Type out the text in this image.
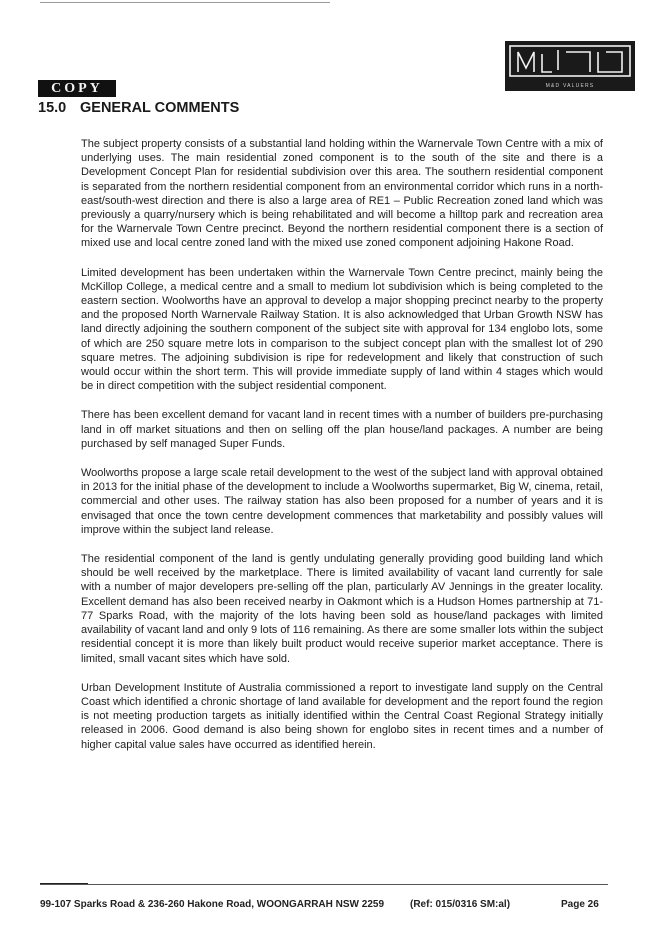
M&D VALUERS
COPY
15.0 GENERAL COMMENTS

The subject property consists of a substantial land holding within the Warnervale Town Centre with a mix of underlying uses. The main residential zoned component is to the south of the site and there is a Development Concept Plan for residential subdivision over this area. The southern residential component is separated from the northern residential component from an environmental corridor which runs in a north-east/south-west direction and there is also a large area of RE1 – Public Recreation zoned land which was previously a quarry/nursery which is being rehabilitated and will become a hilltop park and recreation area for the Warnervale Town Centre precinct. Beyond the northern residential component there is a section of mixed use and local centre zoned land with the mixed use zoned component adjoining Hakone Road.

Limited development has been undertaken within the Warnervale Town Centre precinct, mainly being the McKillop College, a medical centre and a small to medium lot subdivision which is being completed to the eastern section. Woolworths have an approval to develop a major shopping precinct nearby to the property and the proposed North Warnervale Railway Station. It is also acknowledged that Urban Growth NSW has land directly adjoining the southern component of the subject site with approval for 134 englobo lots, some of which are 250 square metre lots in comparison to the subject concept plan with the smallest lot of 290 square metres. The adjoining subdivision is ripe for redevelopment and likely that construction of such would occur within the short term. This will provide immediate supply of land within 4 stages which would be in direct competition with the subject residential component.

There has been excellent demand for vacant land in recent times with a number of builders pre-purchasing land in off market situations and then on selling off the plan house/land packages. A number are being purchased by self managed Super Funds.

Woolworths propose a large scale retail development to the west of the subject land with approval obtained in 2013 for the initial phase of the development to include a Woolworths supermarket, Big W, cinema, retail, commercial and other uses. The railway station has also been proposed for a number of years and it is envisaged that once the town centre development commences that marketability and possibly values will improve within the subject land release.

The residential component of the land is gently undulating generally providing good building land which should be well received by the marketplace. There is limited availability of vacant land currently for sale with a number of major developers pre-selling off the plan, particularly AV Jennings in the greater locality. Excellent demand has also been received nearby in Oakmont which is a Hudson Homes partnership at 71-77 Sparks Road, with the majority of the lots having been sold as house/land packages with limited availability of vacant land and only 9 lots of 116 remaining. As there are some smaller lots within the subject residential concept it is more than likely built product would receive superior market acceptance. There is limited, small vacant sites which have sold.

Urban Development Institute of Australia commissioned a report to investigate land supply on the Central Coast which identified a chronic shortage of land available for development and the report found the region is not meeting production targets as initially identified within the Central Coast Regional Strategy initially released in 2006. Good demand is also being shown for englobo sites in recent times and a number of higher capital value sales have occurred as identified herein.

99-107 Sparks Road & 236-260 Hakone Road, WOONGARRAH NSW 2259	(Ref: 015/0316 SM:al)	Page 26
